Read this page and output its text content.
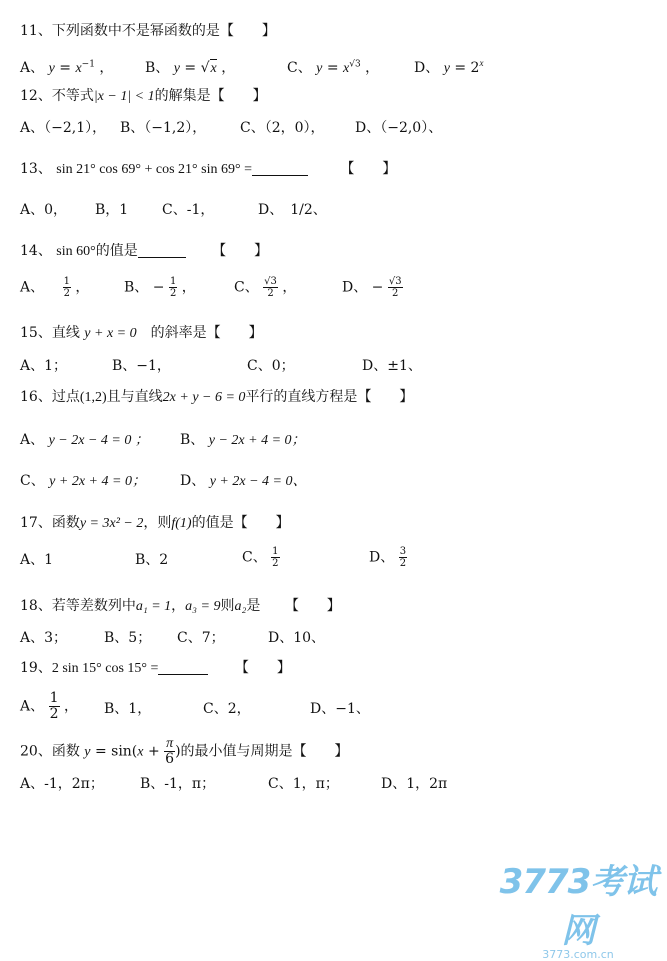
11、下列函数中不是幂函数的是【　　】
A、 $y = x^{-1}$ ， B、 y = √x ，	C、 $y = x^{√3}$ ， D、 $y = 2^x$
12、不等式|x − 1| < 1的解集是【　　】
A、（−2,1）， B、（−1,2）， C、（2，0）， D、（−2,0）、
13、 sin 21° cos 69° + cos 21° sin 69° =	【　　】
A、0， B，1 C、-1，	D、　1/2、
14、 sin 60°的值是	【　　】
A、 $\frac{1}{2}$ ， B、 − $\frac{1}{2}$ ，	C、 $\frac{√3}{2}$ ，	D、 − $\frac{√3}{2}$
15、直线 y + x = 0　的斜率是【　　】
A、1；	B、−1，	C、0；	D、±1、
16、过点(1,2)且与直线2x + y − 6 = 0平行的直线方程是【　　】
A、 y − 2x − 4 = 0 ； B、 y − 2x + 4 = 0；
C、 y + 2x + 4 = 0； D、 y + 2x − 4 = 0、
17、函数y = 3x² − 2，则f(1)的值是【　　】
A、1	B、2	C、 $\frac{1}{2}$	D、 $\frac{3}{2}$
18、若等差数列中a₁ = 1，a₃ = 9则a₂是 【　　】
A、3；	B、5； C、7；	D、10、
19、2 sin 15° cos 15° =	【　　】
A、 $\frac{1}{2}$ ， B、1，	C、2，	D、−1、
20、函数 $y = \sin(x + \frac{\pi}{6}$ )的最小值与周期是【　　】
A、-1，2π；	B、-1，π；	C、1，π；	D、1，2π
3773考试网
3773.com.cn
